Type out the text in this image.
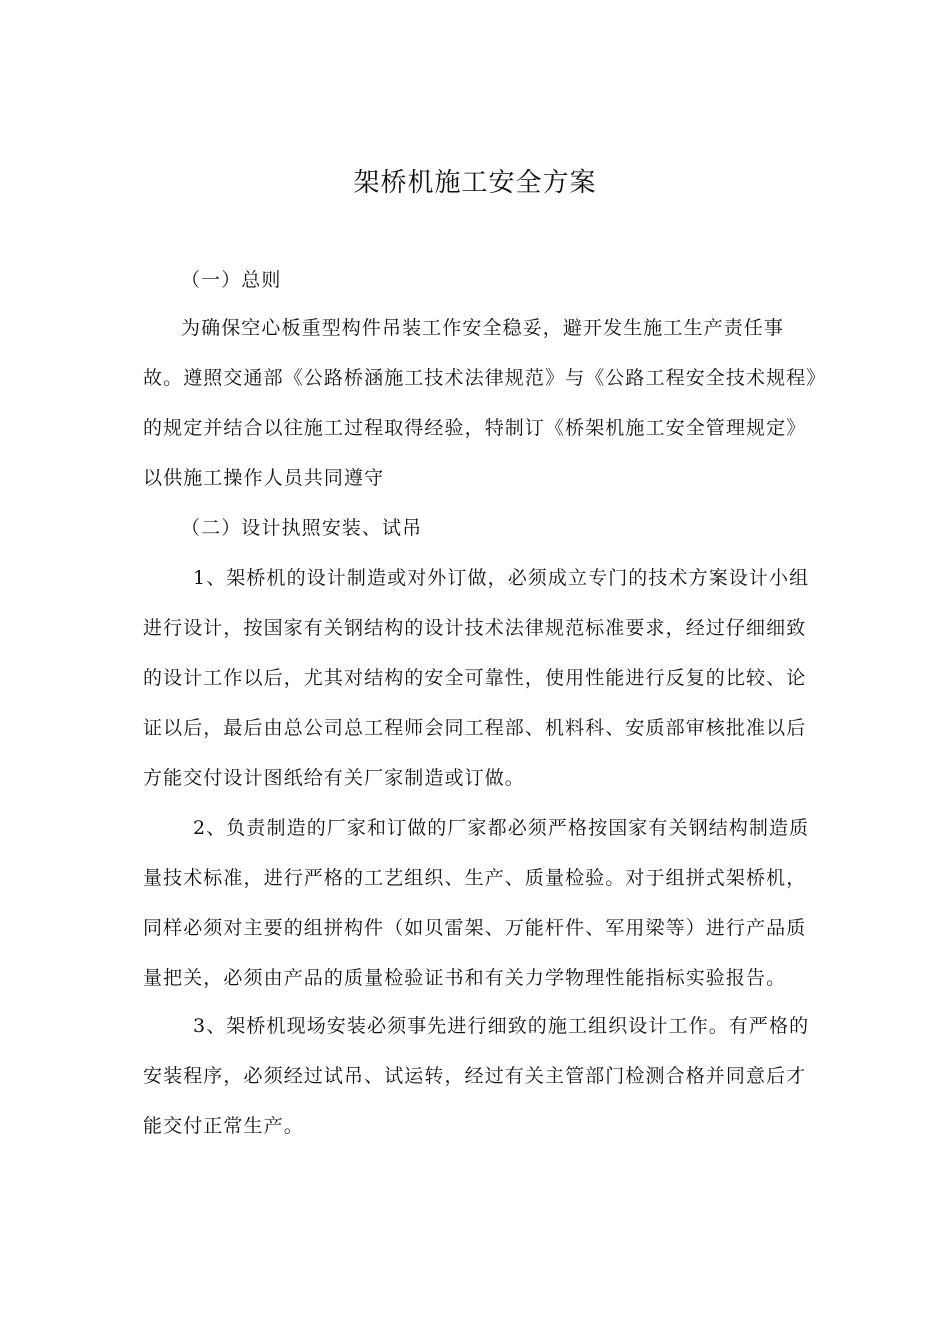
架桥机施工安全方案
（一）总则

为确保空心板重型构件吊装工作安全稳妥，避开发生施工生产责任事故。遵照交通部《公路桥涵施工技术法律规范》与《公路工程安全技术规程》的规定并结合以往施工过程取得经验，特制订《桥架机施工安全管理规定》以供施工操作人员共同遵守

（二）设计执照安装、试吊

1、架桥机的设计制造或对外订做，必须成立专门的技术方案设计小组进行设计，按国家有关钢结构的设计技术法律规范标准要求，经过仔细细致的设计工作以后，尤其对结构的安全可靠性，使用性能进行反复的比较、论证以后，最后由总公司总工程师会同工程部、机料科、安质部审核批准以后方能交付设计图纸给有关厂家制造或订做。

2、负责制造的厂家和订做的厂家都必须严格按国家有关钢结构制造质量技术标准，进行严格的工艺组织、生产、质量检验。对于组拼式架桥机，同样必须对主要的组拼构件（如贝雷架、万能杆件、军用梁等）进行产品质量把关，必须由产品的质量检验证书和有关力学物理性能指标实验报告。

3、架桥机现场安装必须事先进行细致的施工组织设计工作。有严格的安装程序，必须经过试吊、试运转，经过有关主管部门检测合格并同意后才能交付正常生产。
